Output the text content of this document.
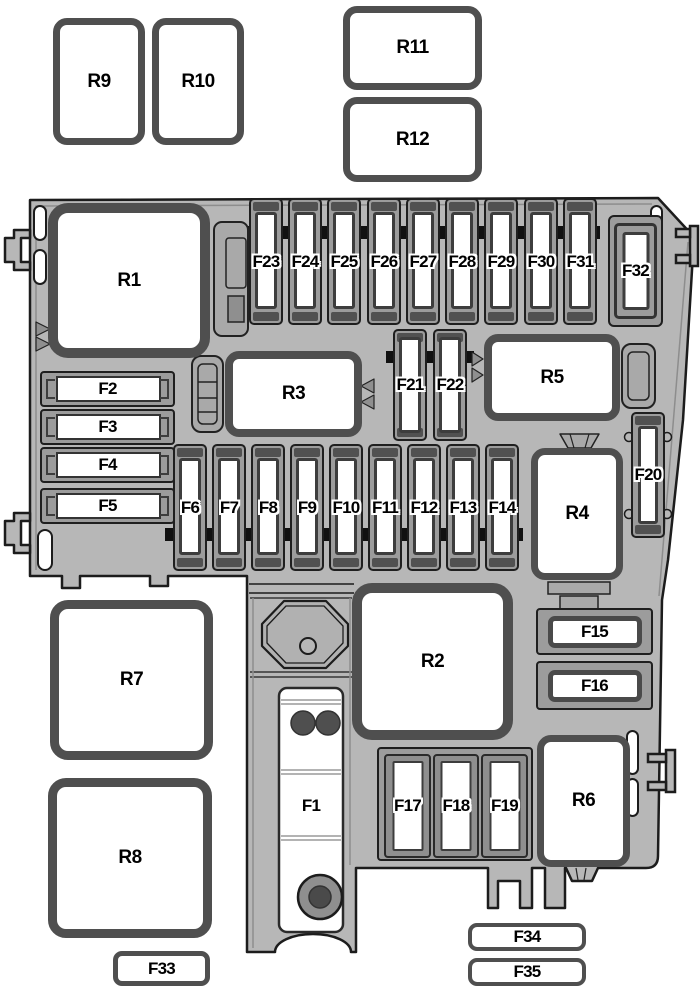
R9	R10
R11
R12
R7
R8
R1
R2
R3
R4
R5
R6
F23 F24 F25 F26 F27 F28 F29 F30 F31 F32
F21 F22
F2
F3
F4
F5	F6 F7 F8 F9 F10 F11 F12 F13 F14
F20
F15
F16
F17 F18 F19
F1
F33
F34
F35
